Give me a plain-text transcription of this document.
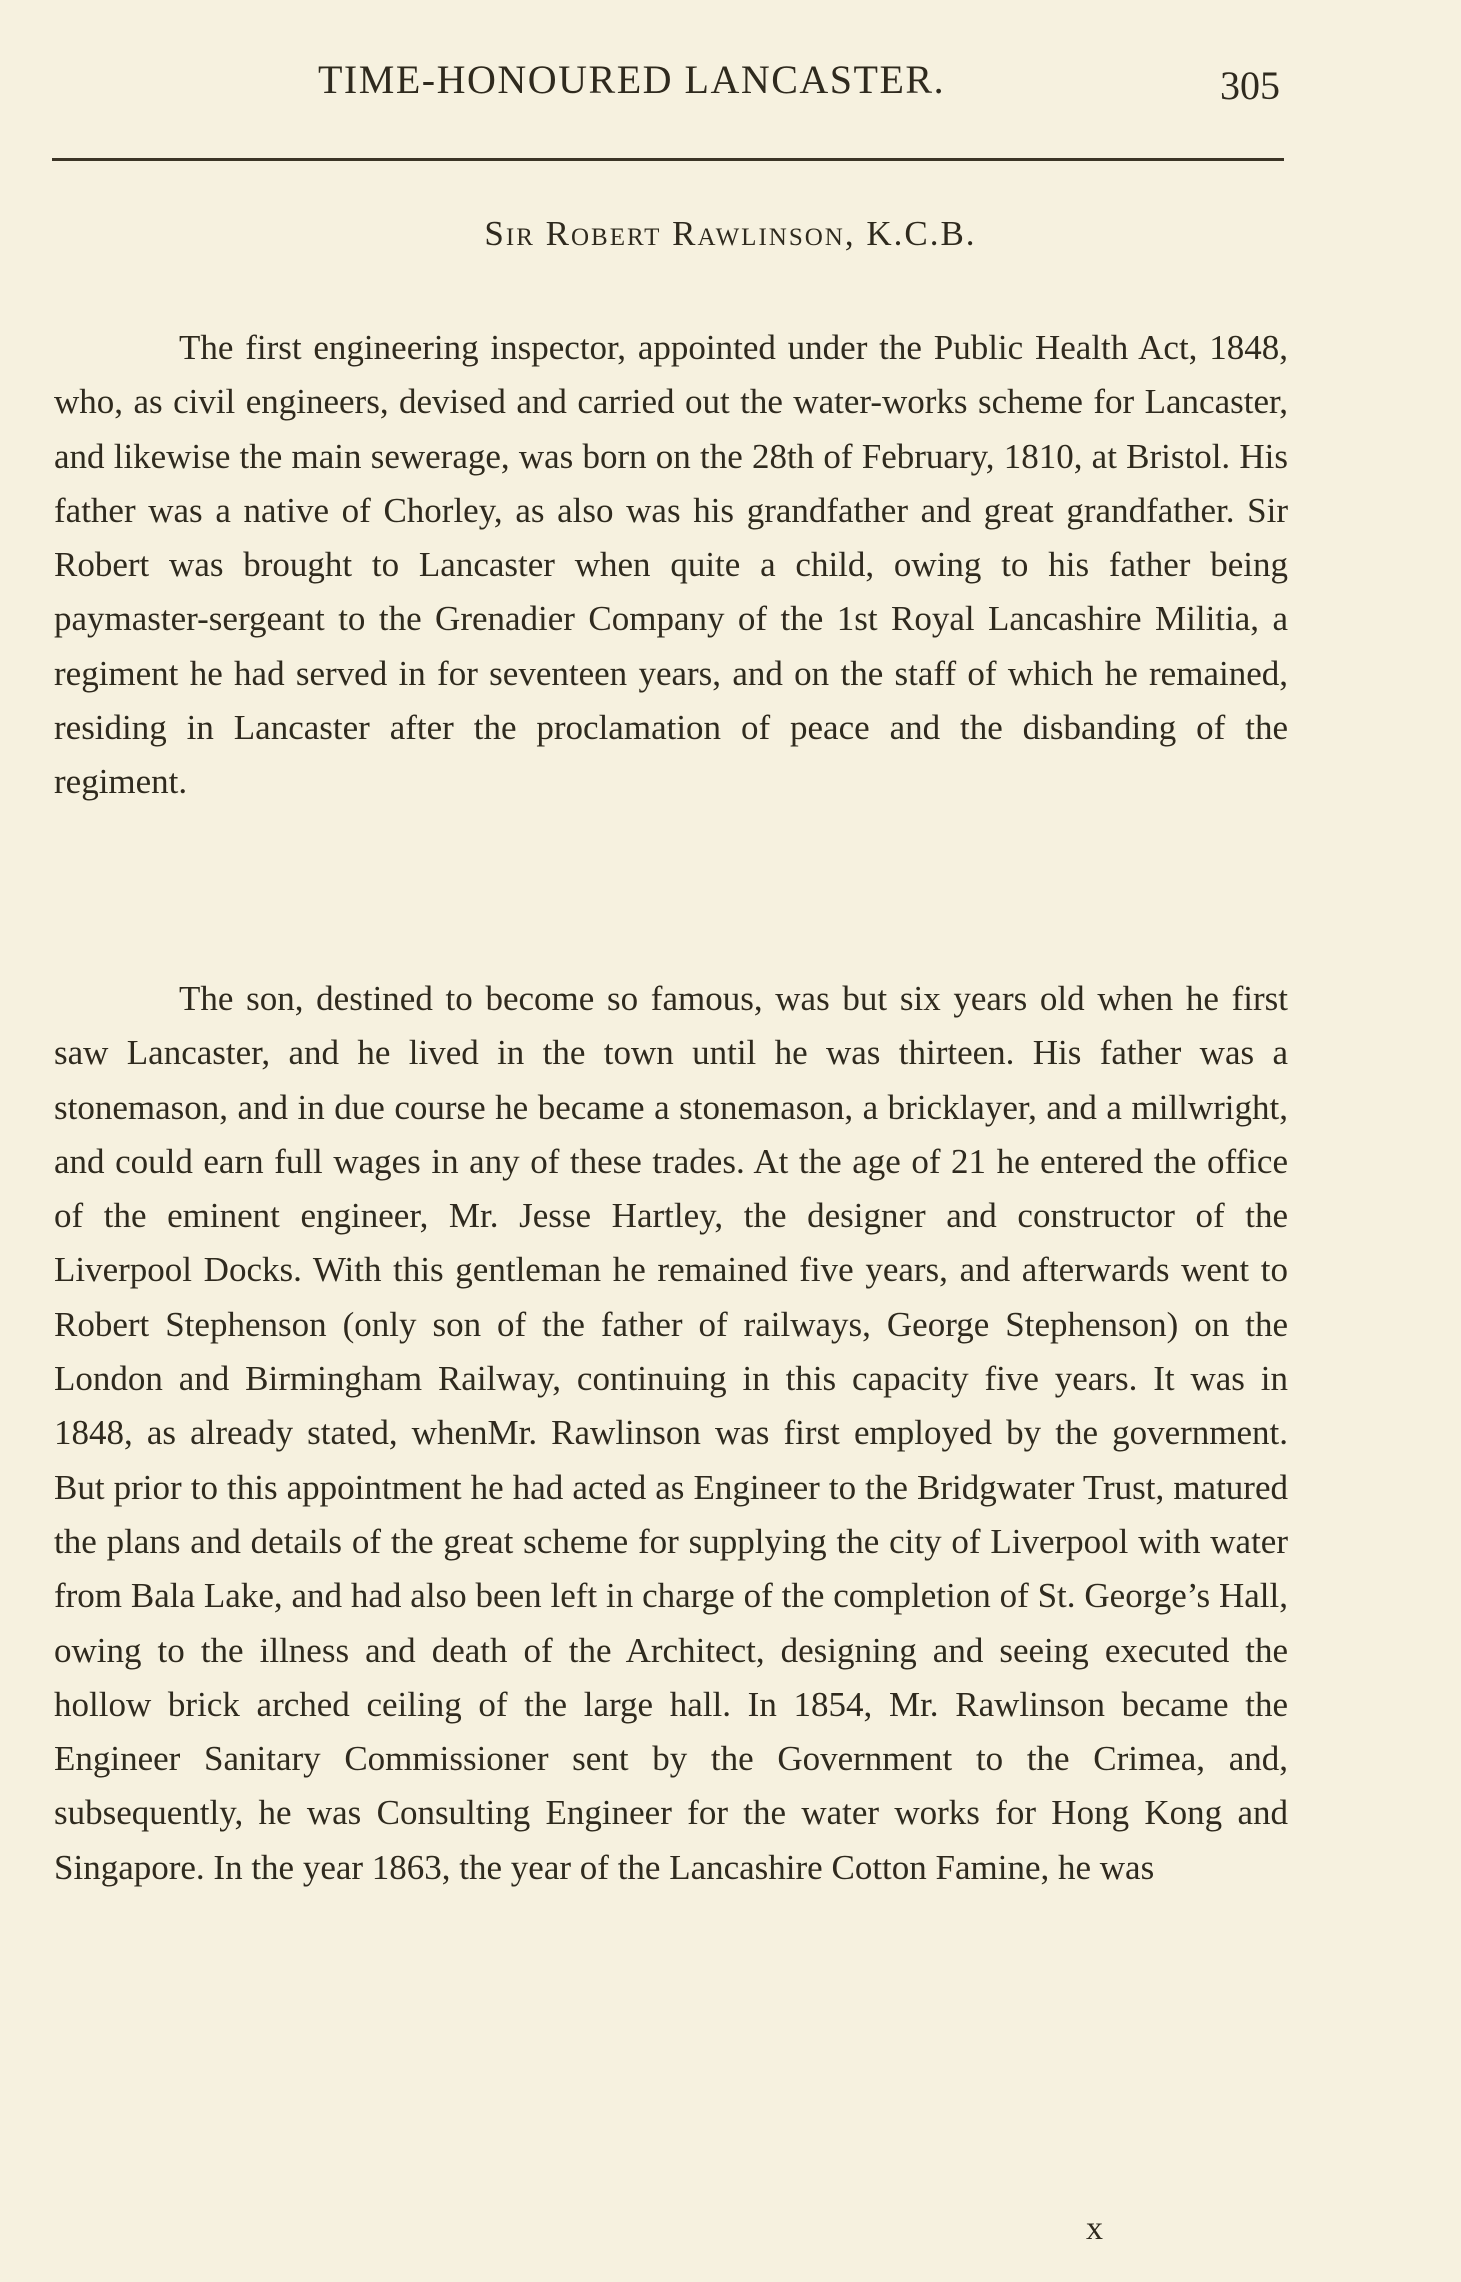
TIME-HONOURED LANCASTER.	305
Sir Robert Rawlinson, K.C.B.

The first engineering inspector, appointed under the Public Health Act, 1848, who, as civil engineers, devised and carried out the water-works scheme for Lancaster, and likewise the main sewerage, was born on the 28th of February, 1810, at Bristol. His father was a native of Chorley, as also was his grandfather and great grandfather. Sir Robert was brought to Lancaster when quite a child, owing to his father being paymaster-sergeant to the Grenadier Company of the 1st Royal Lancashire Militia, a regiment he had served in for seventeen years, and on the staff of which he remained, residing in Lancaster after the proclamation of peace and the disbanding of the regiment.

The son, destined to become so famous, was but six years old when he first saw Lancaster, and he lived in the town until he was thirteen. His father was a stonemason, and in due course he became a stonemason, a bricklayer, and a millwright, and could earn full wages in any of these trades. At the age of 21 he entered the office of the eminent engineer, Mr. Jesse Hartley, the designer and constructor of the Liverpool Docks. With this gentleman he remained five years, and afterwards went to Robert Stephenson (only son of the father of railways, George Stephenson) on the London and Birmingham Railway, continuing in this capacity five years. It was in 1848, as already stated, whenMr. Rawlinson was first employed by the government. But prior to this appointment he had acted as Engineer to the Bridgwater Trust, matured the plans and details of the great scheme for supplying the city of Liverpool with water from Bala Lake, and had also been left in charge of the completion of St. George’s Hall, owing to the illness and death of the Architect, designing and seeing executed the hollow brick arched ceiling of the large hall. In 1854, Mr. Rawlinson became the Engineer Sanitary Commissioner sent by the Government to the Crimea, and, subsequently, he was Consulting Engineer for the water works for Hong Kong and Singapore. In the year 1863, the year of the Lancashire Cotton Famine, he was

x
